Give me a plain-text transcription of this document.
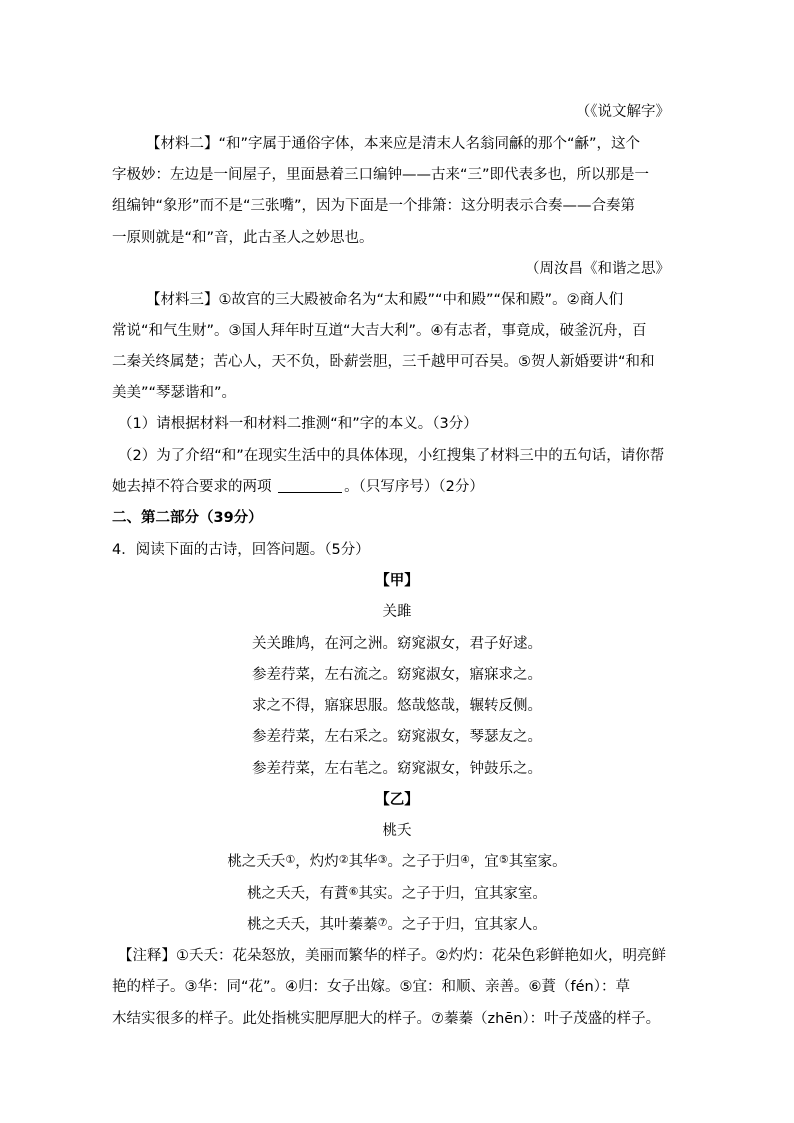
（《说文解字》
【材料二】“和”字属于通俗字体，本来应是清末人名翁同龢的那个“龢”，这个
字极妙：左边是一间屋子，里面悬着三口编钟——古来“三”即代表多也，所以那是一
组编钟“象形”而不是“三张嘴”，因为下面是一个排箫：这分明表示合奏——合奏第
一原则就是“和”音，此古圣人之妙思也。
（周汝昌《和谐之思》
【材料三】①故宫的三大殿被命名为“太和殿”“中和殿”“保和殿”。②商人们
常说“和气生财”。③国人拜年时互道“大吉大利”。④有志者，事竟成，破釜沉舟，百
二秦关终属楚；苦心人，天不负，卧薪尝胆，三千越甲可吞吴。⑤贺人新婚要讲“和和
美美”“琴瑟谐和”。
（1）请根据材料一和材料二推测“和”字的本义。（3分）
（2）为了介绍“和”在现实生活中的具体体现，小红搜集了材料三中的五句话，请你帮
她去掉不符合要求的两项	。（只写序号）（2分）
二、第二部分（39分）
4．阅读下面的古诗，回答问题。（5分）
【甲】
关雎
关关雎鸠，在河之洲。窈窕淑女，君子好逑。
参差荇菜，左右流之。窈窕淑女，寤寐求之。
求之不得，寤寐思服。悠哉悠哉，辗转反侧。
参差荇菜，左右采之。窈窕淑女，琴瑟友之。
参差荇菜，左右芼之。窈窕淑女，钟鼓乐之。
【乙】
桃夭
桃之夭夭①，灼灼②其华③。之子于归④，宜⑤其室家。
桃之夭夭，有蕡⑥其实。之子于归，宜其家室。
桃之夭夭，其叶蓁蓁⑦。之子于归，宜其家人。
【注释】①夭夭：花朵怒放，美丽而繁华的样子。②灼灼：花朵色彩鲜艳如火，明亮鲜
艳的样子。③华：同“花”。④归：女子出嫁。⑤宜：和顺、亲善。⑥蕡（fén）：草
木结实很多的样子。此处指桃实肥厚肥大的样子。⑦蓁蓁（zhēn）：叶子茂盛的样子。
